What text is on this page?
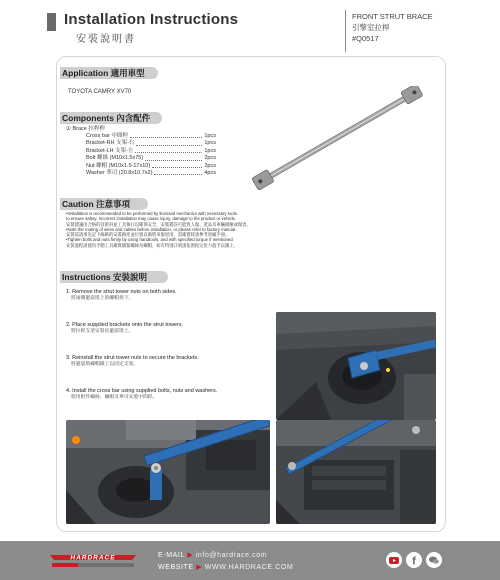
Installation Instructions
安裝說明書
FRONT STRUT BRACE
引擎室拉桿
#Q0517
Application 適用車型
TOYOTA CAMRY XV70
Components 內含配件
① Brace 拉桿桿
Cross bar 中間桿	1pcs
Bracket-RH 支架-右	1pcs
Bracket-LH 支架-左	1pcs
Bolt 螺絲 (M10x1.5x75)	2pcs
Nut 螺帽 (M10x1.5-17x10)	2pcs
Washer 華司 (20.8x10.7x2)	4pcs
Caution 注意事項
•Installation is recommended to be performed by licensed mechanics with necessary tools
to ensure safety. Incorrect installation may cause injury, damage to the product or vehicle.
安裝建議由合格的技術員並工具執行以確保安全，安裝錯誤可能致人傷、產品及車輛損壞或傷害。
•Note the routing of wires and cables before installation, or please refer to factory manual.
安裝前請事先記下線路的安裝路徑並位置以備將來復原用，需確實時請參考原廠手冊。
•Tighten bolts and nuts firmly by using handtools, and with specified torque if mentioned.
安裝過程請使用手動工具確實鎖緊螺絲及螺帽，如有特別註明請依照指定扭力值予以鎖上。
Instructions 安裝說明
1. Remove the strut tower nuts on both sides.
將兩側避震塔上的螺帽拆下。
2. Place supplied brackets onto the strut towers.
將拉桿支架安裝於避震塔上。
3. Reinstall the strut tower nuts to secure the brackets.
將避震塔螺帽鎖上以固定支架。
4. Install the cross bar using supplied bolts, nuts and washers.
使用附件螺絲、螺帽及華司安裝中間桿。
HARDRACE	E-MAIL ▶ info@hardrace.com
WEBSITE ▶ WWW.HARDRACE.COM	f
